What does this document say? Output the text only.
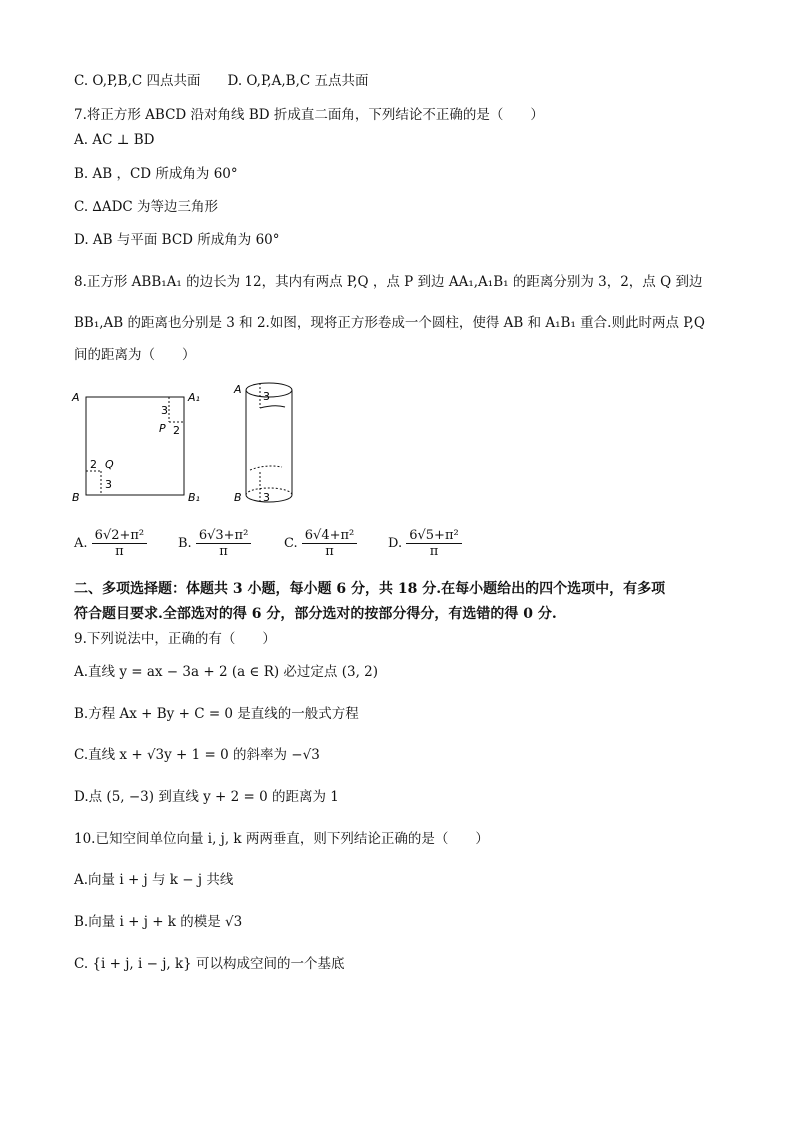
C. O,P,B,C 四点共面　　D. O,P,A,B,C 五点共面
7.将正方形 ABCD 沿对角线 BD 折成直二面角，下列结论不正确的是（　　）
A. AC ⊥ BD
B. AB ，CD 所成角为 60°
C. ∆ADC 为等边三角形
D. AB 与平面 BCD 所成角为 60°
8.正方形 ABB₁A₁ 的边长为 12，其内有两点 P,Q ，点 P 到边 AA₁,A₁B₁ 的距离分别为 3，2，点 Q 到边
BB₁,AB 的距离也分别是 3 和 2.如图，现将正方形卷成一个圆柱，使得 AB 和 A₁B₁ 重合.则此时两点 P,Q
间的距离为（　　）
A	A₁
B	B₁
3
P 2
2 Q
3
A
B
3
3
A. $\frac{\text{6√2+π²}}{\pi} B$. $\frac{\text{6√3+π²}}{\pi}$	C. $\frac{\text{6√4+π²}}{\pi} D$. $\frac{\text{6√5+π²}}{\pi}$
二、多项选择题：体题共 3 小题，每小题 6 分，共 18 分.在每小题给出的四个选项中，有多项
符合题目要求.全部选对的得 6 分，部分选对的按部分得分，有选错的得 0 分.
9.下列说法中，正确的有（　　）
A.直线 y = ax − 3a + 2 (a ∈ R) 必过定点 (3, 2)
B.方程 Ax + By + C = 0 是直线的一般式方程
C.直线 x + √3y + 1 = 0 的斜率为 −√3
D.点 (5, −3) 到直线 y + 2 = 0 的距离为 1
10.已知空间单位向量 i, j, k 两两垂直，则下列结论正确的是（　　）
A.向量 i + j 与 k − j 共线
B.向量 i + j + k 的模是 √3
C. {i + j, i − j, k} 可以构成空间的一个基底
